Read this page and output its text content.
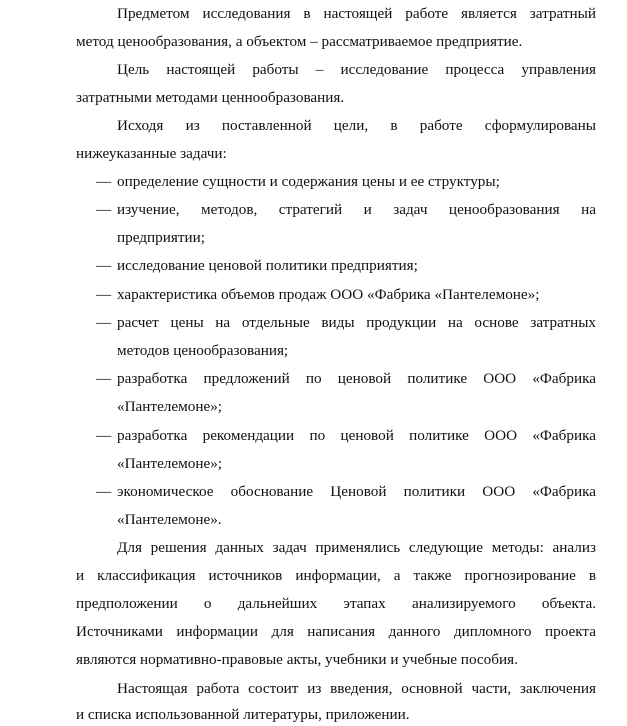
Предметом исследования в настоящей работе является затратный
метод ценообразования, а объектом – рассматриваемое предприятие.
Цель настоящей работы – исследование процесса управления
затратными методами ценнообразования.
Исходя из поставленной цели, в работе сформулированы
нижеуказанные задачи:
— определение сущности и содержания цены и ее структуры;
— изучение, методов, стратегий и задач ценообразования на
предприятии;
— исследование ценовой политики предприятия;
— характеристика объемов продаж ООО «Фабрика «Пантелемоне»;
— расчет цены на отдельные виды продукции на основе затратных
методов ценообразования;
— разработка предложений по ценовой политике ООО «Фабрика
«Пантелемоне»;
— разработка рекомендации по ценовой политике ООО «Фабрика
«Пантелемоне»;
— экономическое обоснование Ценовой политики ООО «Фабрика
«Пантелемоне».
Для решения данных задач применялись следующие методы: анализ
и классификация источников информации, а также прогнозирование в
предположении о дальнейших этапах анализируемого объекта.
Источниками информации для написания данного дипломного проекта
являются нормативно-правовые акты, учебники и учебные пособия.
Настоящая работа состоит из введения, основной части, заключения
и списка использованной литературы, приложении.
